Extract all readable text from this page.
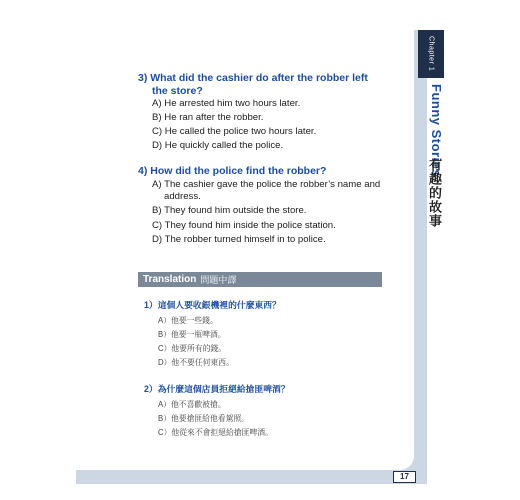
Chapter 1
Funny Stories
有趣的故事
3) What did the cashier do after the robber left
the store?
A) He arrested him two hours later.
B) He ran after the robber.
C) He called the police two hours later.
D) He quickly called the police.
4) How did the police find the robber?
A) The cashier gave the police the robber’s name and
address.
B) They found him outside the store.
C) They found him inside the police station.
D) The robber turned himself in to police.
Translation 問題中譯
1）這個人要收銀機裡的什麼東西？
A）他要一些錢。
B）他要一瓶啤酒。
C）他要所有的錢。
D）他不要任何東西。
2）為什麼這個店員拒絕給搶匪啤酒？
A）他不喜歡被搶。
B）他要搶匪給他看駕照。
C）他從來不會拒絕給搶匪啤酒。
17
